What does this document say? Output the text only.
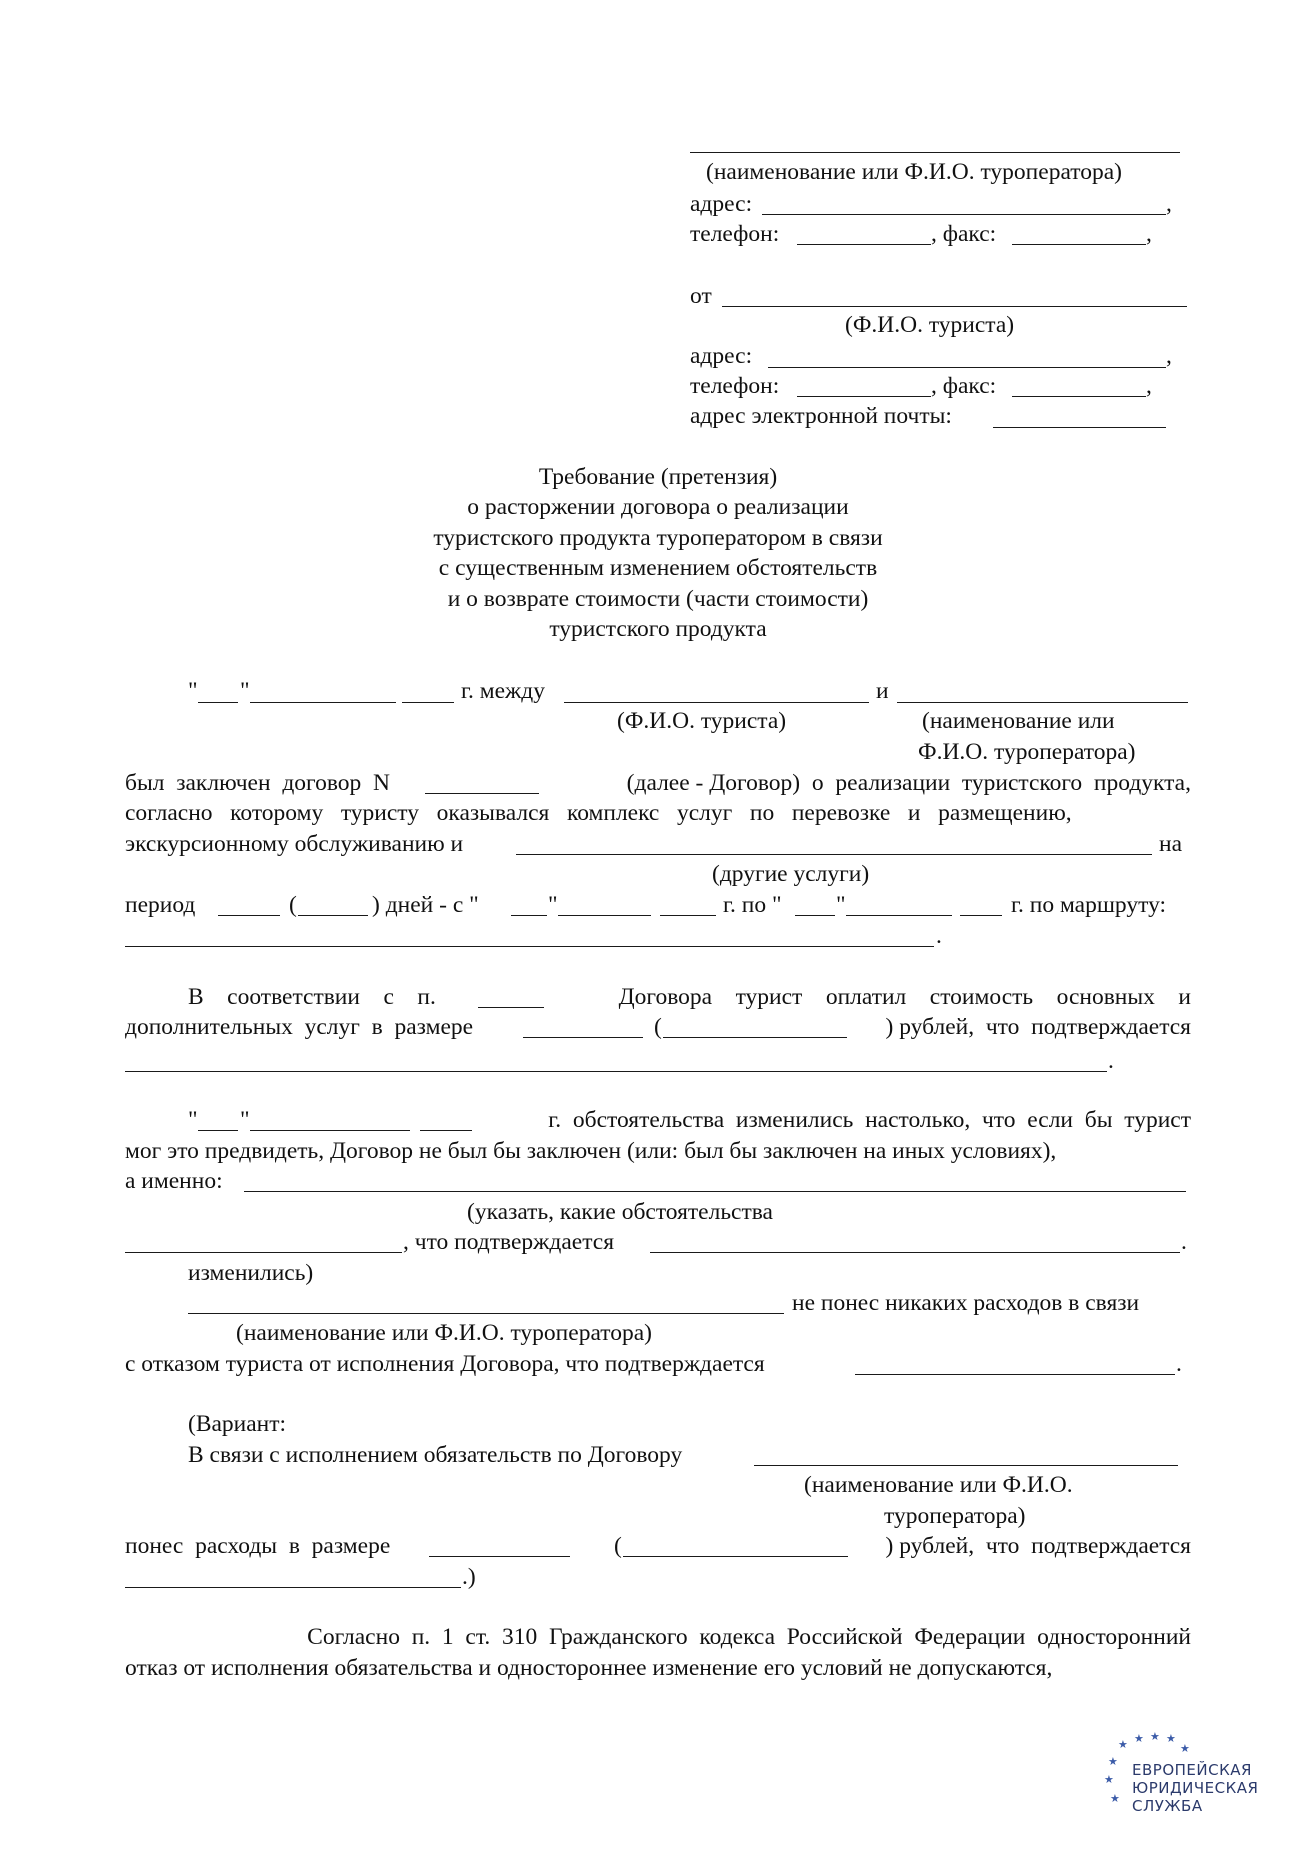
(наименование или Ф.И.О. туроператора)
адрес:	,
телефон:	, факс:	,
от
(Ф.И.О. туриста)
адрес:	,
телефон:	, факс:	,
адрес электронной почты:
Требование (претензия)
о расторжении договора о реализации
туристского продукта туроператором в связи
с существенным изменением обстоятельств
и о возврате стоимости (части стоимости)
туристского продукта
" "	г. между	и
(Ф.И.О. туриста)	(наименование или
Ф.И.О. туроператора)
был  заключен  договор  N	(далее - Договор)  о  реализации  туристского  продукта,
согласно   которому   туристу   оказывался   комплекс   услуг   по   перевозке   и   размещению,
экскурсионному обслуживанию и	на
(другие услуги)
период	(	) дней - с "	"	г. по " "	г. по маршруту:
.
В    соответствии    с    п.	Договора    турист    оплатил    стоимость    основных    и
дополнительных  услуг  в  размере	(	) рублей,  что  подтверждается
.
" "	г.  обстоятельства  изменились  настолько,  что  если  бы  турист
мог это предвидеть, Договор не был бы заключен (или: был бы заключен на иных условиях),
а именно:
(указать, какие обстоятельства
, что подтверждается	.
изменились)
не понес никаких расходов в связи
(наименование или Ф.И.О. туроператора)
с отказом туриста от исполнения Договора, что подтверждается	.
(Вариант:
В связи с исполнением обязательств по Договору
(наименование или Ф.И.О.
туроператора)
понес  расходы  в  размере	(	) рублей,  что  подтверждается
.)
Согласно  п.  1  ст.  310  Гражданского  кодекса  Российской  Федерации  односторонний
отказ от исполнения обязательства и одностороннее изменение его условий не допускаются,
★ ★ ★ ★
★
★
★
★
ЕВРОПЕЙСКАЯ
ЮРИДИЧЕСКАЯ
СЛУЖБА
